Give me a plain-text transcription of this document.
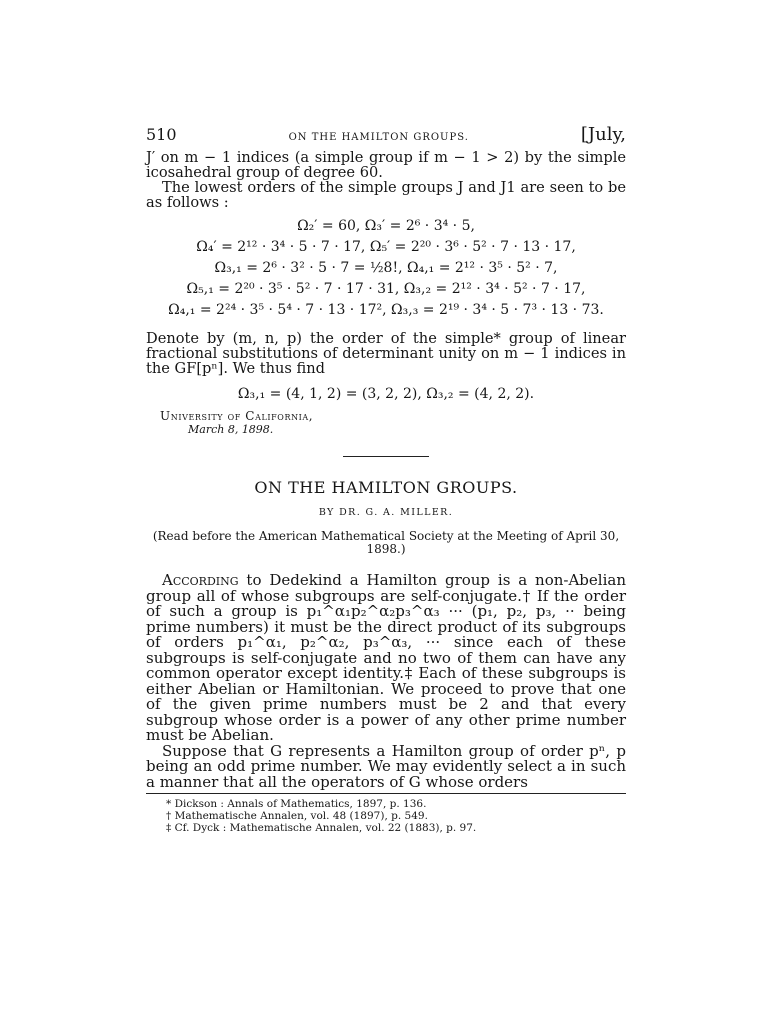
510	ON THE HAMILTON GROUPS.	[July,

J′ on m − 1 indices (a simple group if m − 1 > 2) by the simple icosahedral group of degree 60.

The lowest orders of the simple groups J and J1 are seen to be as follows :

Ω₂′ = 60, Ω₃′ = 2⁶ · 3⁴ · 5,
Ω₄′ = 2¹² · 3⁴ · 5 · 7 · 17, Ω₅′ = 2²⁰ · 3⁶ · 5² · 7 · 13 · 17,
Ω₃,₁ = 2⁶ · 3² · 5 · 7 = ½8!, Ω₄,₁ = 2¹² · 3⁵ · 5² · 7,
Ω₅,₁ = 2²⁰ · 3⁵ · 5² · 7 · 17 · 31, Ω₃,₂ = 2¹² · 3⁴ · 5² · 7 · 17,
Ω₄,₁ = 2²⁴ · 3⁵ · 5⁴ · 7 · 13 · 17², Ω₃,₃ = 2¹⁹ · 3⁴ · 5 · 7³ · 13 · 73.

Denote by (m, n, p) the order of the simple* group of linear fractional substitutions of determinant unity on m − 1 indices in the GF[pⁿ]. We thus find

Ω₃,₁ = (4, 1, 2) = (3, 2, 2), Ω₃,₂ = (4, 2, 2).
University of California,
March 8, 1898.
ON THE HAMILTON GROUPS.
BY DR. G. A. MILLER.
(Read before the American Mathematical Society at the Meeting of April 30, 1898.)

According to Dedekind a Hamilton group is a non-Abelian group all of whose subgroups are self-conjugate.† If the order of such a group is p₁^α₁p₂^α₂p₃^α₃ ··· (p₁, p₂, p₃, ·· being prime numbers) it must be the direct product of its subgroups of orders p₁^α₁, p₂^α₂, p₃^α₃, ··· since each of these subgroups is self-conjugate and no two of them can have any common operator except identity.‡ Each of these subgroups is either Abelian or Hamiltonian. We proceed to prove that one of the given prime numbers must be 2 and that every subgroup whose order is a power of any other prime number must be Abelian.

Suppose that G represents a Hamilton group of order pⁿ, p being an odd prime number. We may evidently select a in such a manner that all the operators of G whose orders

* Dickson : Annals of Mathematics, 1897, p. 136.
† Mathematische Annalen, vol. 48 (1897), p. 549.
‡ Cf. Dyck : Mathematische Annalen, vol. 22 (1883), p. 97.
